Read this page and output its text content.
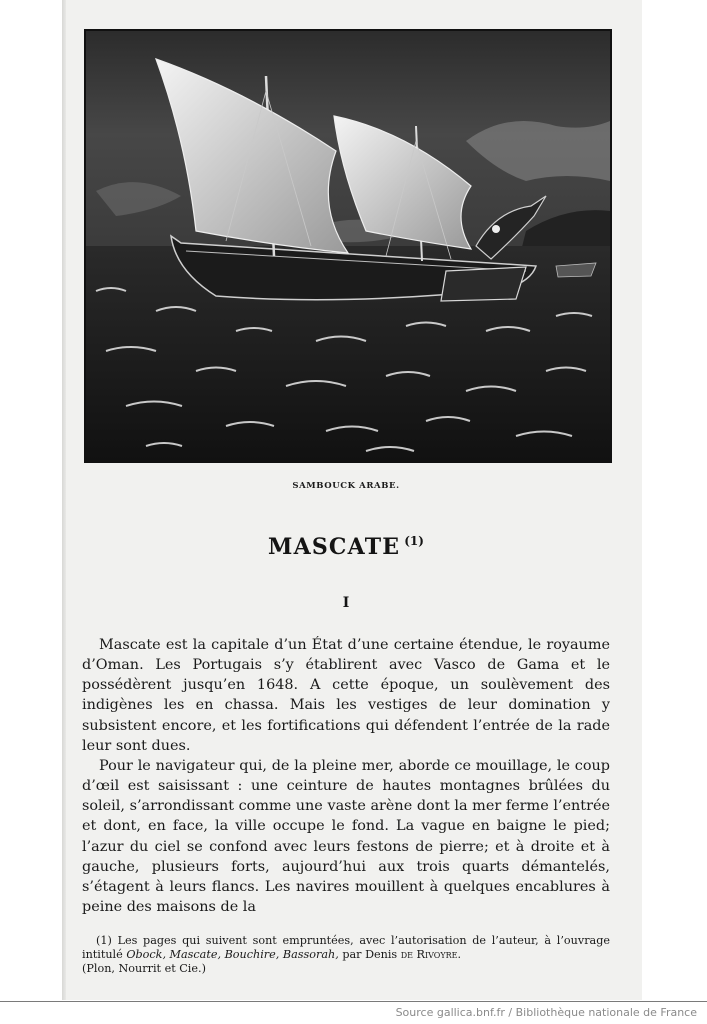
SAMBOUCK ARABE.
MASCATE $^{(1)}$
I

Mascate est la capitale d’un État d’une certaine étendue, le royaume d’Oman. Les Portugais s’y établirent avec Vasco de Gama et le possédèrent jusqu’en 1648. A cette époque, un soulèvement des indigènes les en chassa. Mais les vestiges de leur domination y subsistent encore, et les fortifications qui défendent l’entrée de la rade leur sont dues.

Pour le navigateur qui, de la pleine mer, aborde ce mouillage, le coup d’œil est saisissant : une ceinture de hautes montagnes brûlées du soleil, s’arrondissant comme une vaste arène dont la mer ferme l’entrée et dont, en face, la ville occupe le fond. La vague en baigne le pied; l’azur du ciel se confond avec leurs festons de pierre; et à droite et à gauche, plusieurs forts, aujourd’hui aux trois quarts démantelés, s’étagent à leurs flancs. Les navires mouillent à quelques encablures à peine des maisons de la

(1) Les pages qui suivent sont empruntées, avec l’autorisation de l’auteur, à l’ouvrage intitulé Obock, Mascate, Bouchire, Bassorah, par Denis de Rivoyre.
(Plon, Nourrit et Cie.)

Source gallica.bnf.fr / Bibliothèque nationale de France
